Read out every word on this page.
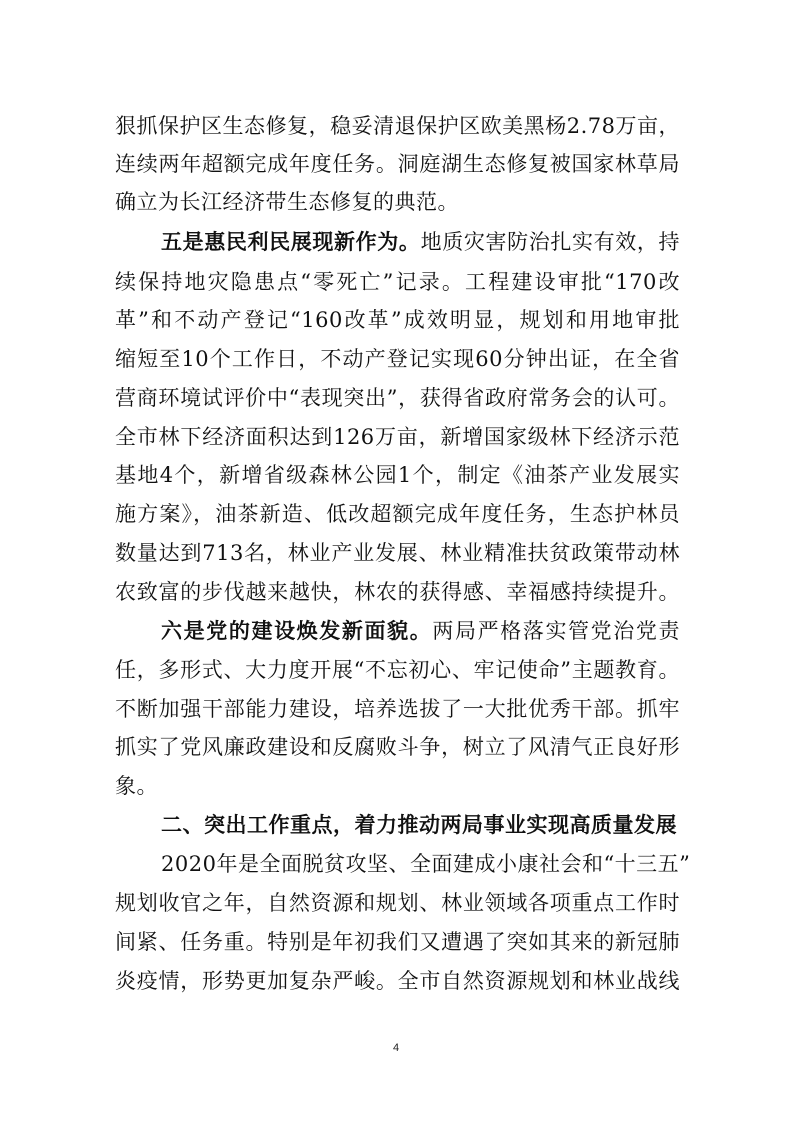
狠抓保护区生态修复，稳妥清退保护区欧美黑杨2.78万亩，
连续两年超额完成年度任务。洞庭湖生态修复被国家林草局
确立为长江经济带生态修复的典范。
五是惠民利民展现新作为。地质灾害防治扎实有效，持
续保持地灾隐患点“零死亡”记录。工程建设审批“170改
革”和不动产登记“160改革”成效明显，规划和用地审批
缩短至10个工作日，不动产登记实现60分钟出证，在全省
营商环境试评价中“表现突出”，获得省政府常务会的认可。
全市林下经济面积达到126万亩，新增国家级林下经济示范
基地4个，新增省级森林公园1个，制定《油茶产业发展实
施方案》，油茶新造、低改超额完成年度任务，生态护林员
数量达到713名，林业产业发展、林业精准扶贫政策带动林
农致富的步伐越来越快，林农的获得感、幸福感持续提升。
六是党的建设焕发新面貌。两局严格落实管党治党责
任，多形式、大力度开展“不忘初心、牢记使命”主题教育。
不断加强干部能力建设，培养选拔了一大批优秀干部。抓牢
抓实了党风廉政建设和反腐败斗争，树立了风清气正良好形
象。
二、突出工作重点，着力推动两局事业实现高质量发展
2020年是全面脱贫攻坚、全面建成小康社会和“十三五”
规划收官之年，自然资源和规划、林业领域各项重点工作时
间紧、任务重。特别是年初我们又遭遇了突如其来的新冠肺
炎疫情，形势更加复杂严峻。全市自然资源规划和林业战线
4
